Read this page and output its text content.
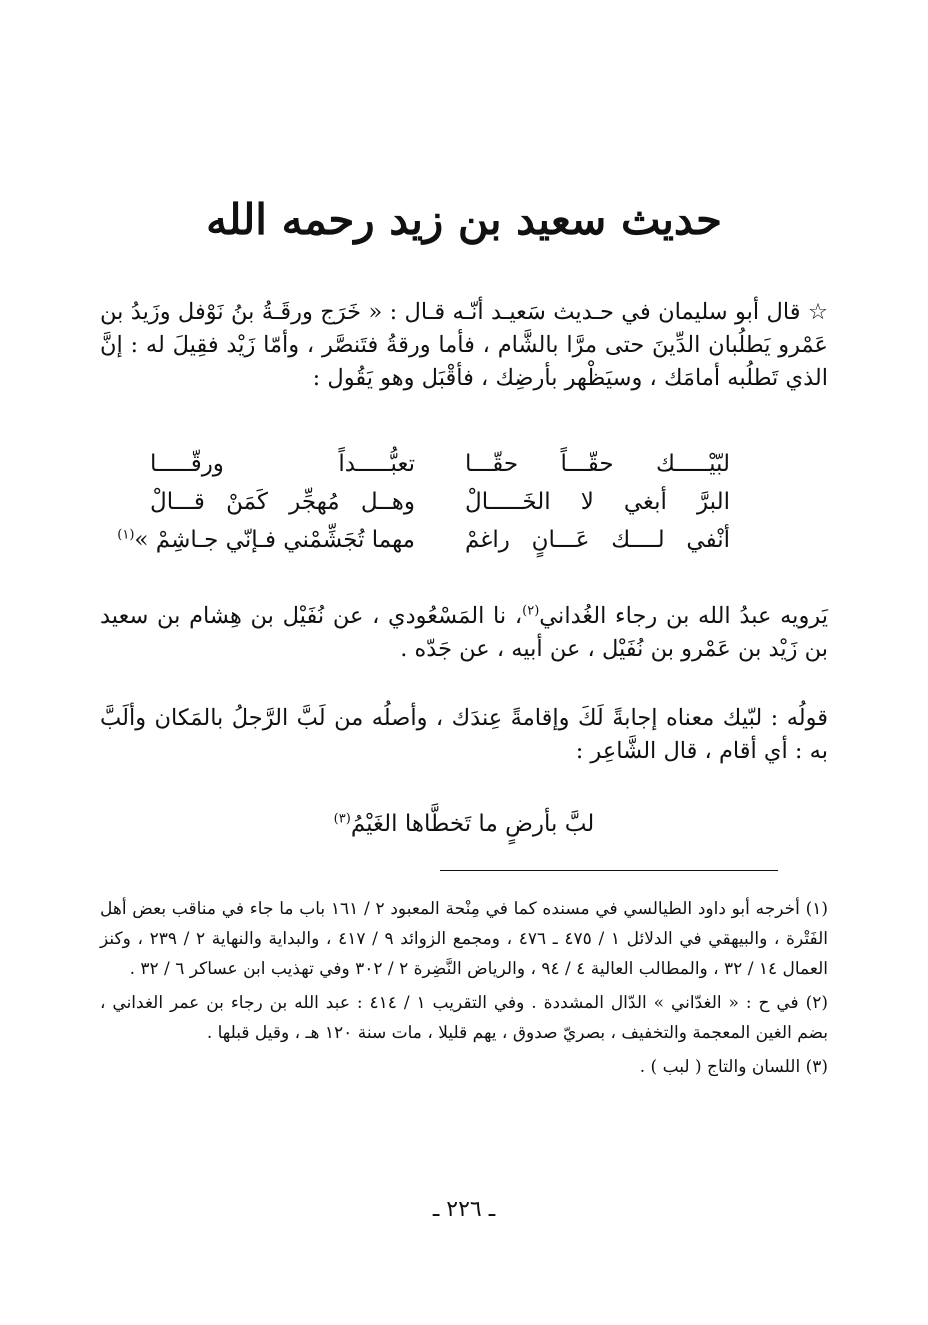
حديث سعيد بن زيد رحمه الله

☆ قال أبو سليمان في حـديث سَعيـد أنّـه قـال : « خَرَج ورقَـةُ بنُ نَوْفل وزَيدُ بن عَمْرو يَطلُبان الدِّينَ حتى مرَّا بالشَّام ، فأما ورقةُ فتَنصَّر ، وأمّا زَيْد فقِيلَ له : إنَّ الذي تَطلُبه أمامَك ، وسيَظْهر بأرضِك ، فأقْبَل وهو يَقُول :

لبّيْـــــك حقّـــاً حقّـــا
تعبُّـــــداً ورقّـــــا
البرَّ أبغي لا الخَـــــالْ
وهــل مُهجِّر كَمَنْ قـــالْ
أنْفي لــــك عَـــانٍ راغمْ
مهما تُجَشِّمْني فـإنّي جـاشِمْ »$^{(١)}$

يَرويه عبدُ الله بن رجاء الغُداني$^{(٢)}$، نا المَسْعُودي ، عن نُفَيْل بن هِشام بن سعيد بن زَيْد بن عَمْرو بن نُفَيْل ، عن أبيه ، عن جَدّه .

قولُه : لبّيك معناه إجابةً لَكَ وإقامةً عِندَك ، وأصلُه من لَبَّ الرَّجلُ بالمَكان وألَبَّ به : أي أقام ، قال الشَّاعِر :

لبَّ بأرضٍ ما تَخطَّاها الغَيْمُ$^{(٣)}$

(١) أخرجه أبو داود الطيالسي في مسنده كما في مِنْحة المعبود ٢ / ١٦١ باب ما جاء في مناقب بعض أهل الفَتْرة ، والبيهقي في الدلائل ١ / ٤٧٥ ـ ٤٧٦ ، ومجمع الزوائد ٩ / ٤١٧ ، والبداية والنهاية ٢ / ٢٣٩ ، وكنز العمال ١٤ / ٣٢ ، والمطالب العالية ٤ / ٩٤ ، والرياض النَّضِرة ٢ / ٣٠٢ وفي تهذيب ابن عساكر ٦ / ٣٢ .

(٢) في ح : « الغدّاني » الدّال المشددة . وفي التقريب ١ / ٤١٤ : عبد الله بن رجاء بن عمر الغداني ، بضم الغين المعجمة والتخفيف ، بصريّ صدوق ، يهم قليلا ، مات سنة ١٢٠ هـ ، وقيل قبلها .

(٣) اللسان والتاج ( لبب ) .

ـ ٢٢٦ ـ
